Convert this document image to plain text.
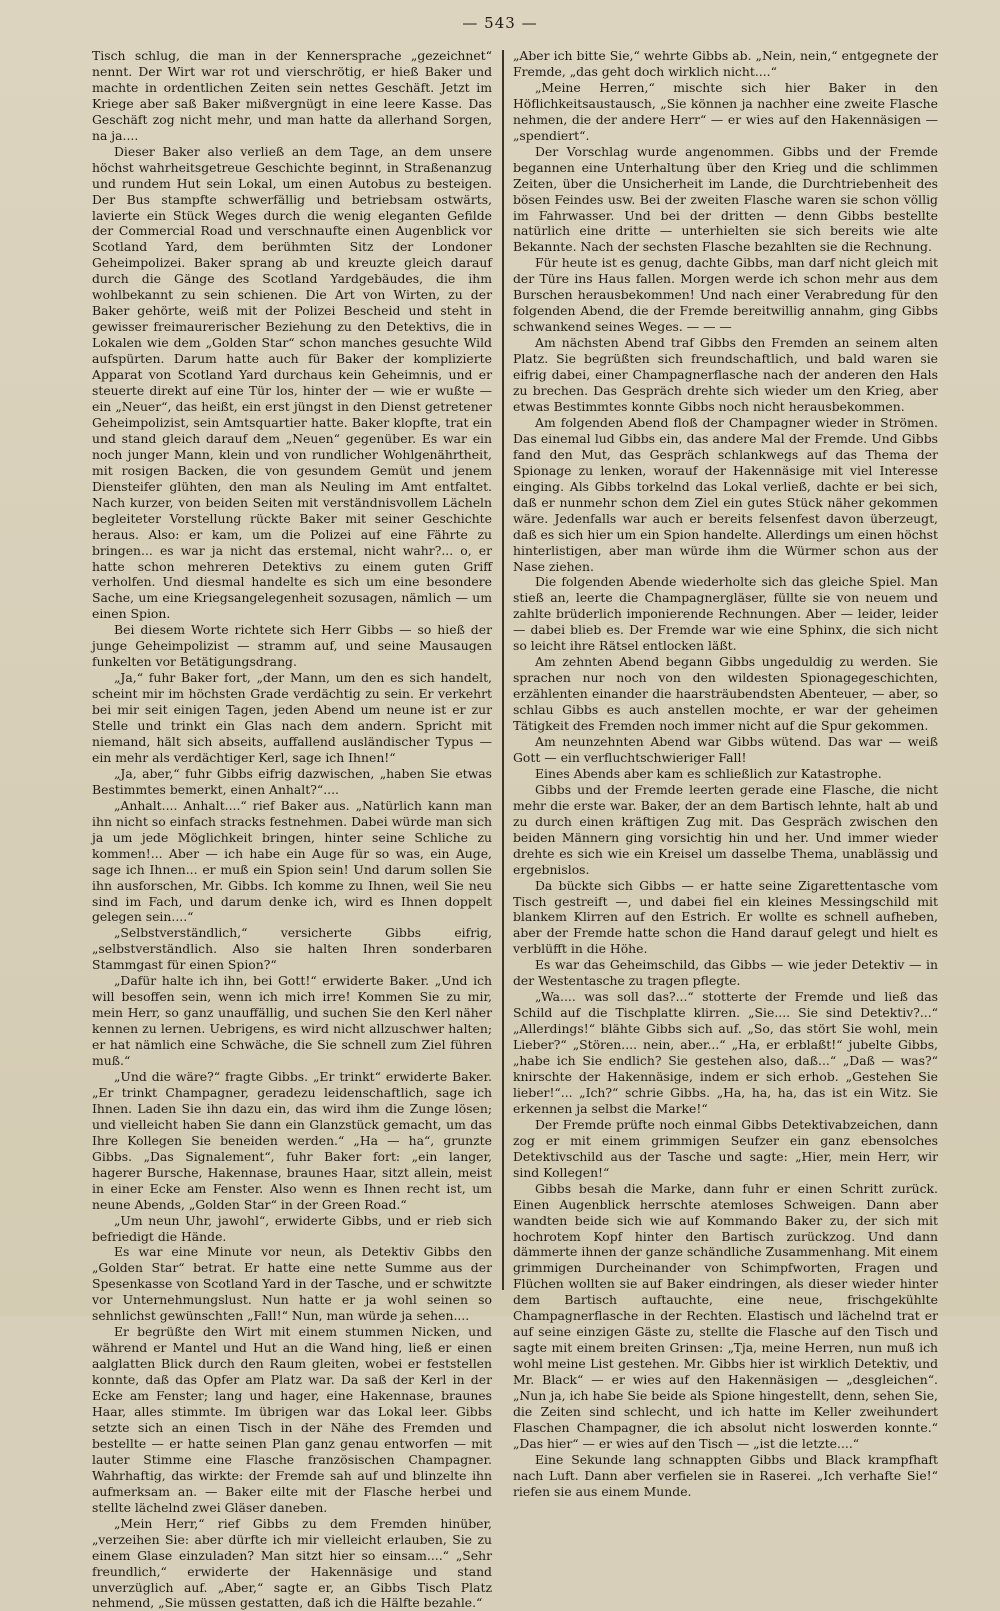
— 543 —

Tisch schlug, die man in der Kennersprache „gezeichnet“ nennt. Der Wirt war rot und vierschrötig, er hieß Baker und machte in ordentlichen Zeiten sein nettes Geschäft. Jetzt im Kriege aber saß Baker mißvergnügt in eine leere Kasse. Das Geschäft zog nicht mehr, und man hatte da allerhand Sorgen, na ja....

Dieser Baker also verließ an dem Tage, an dem unsere höchst wahrheitsgetreue Geschichte beginnt, in Straßenanzug und rundem Hut sein Lokal, um einen Autobus zu besteigen. Der Bus stampfte schwerfällig und betriebsam ostwärts, lavierte ein Stück Weges durch die wenig eleganten Gefilde der Commercial Road und verschnaufte einen Augenblick vor Scotland Yard, dem berühmten Sitz der Londoner Geheimpolizei. Baker sprang ab und kreuzte gleich darauf durch die Gänge des Scotland Yardgebäudes, die ihm wohlbekannt zu sein schienen. Die Art von Wirten, zu der Baker gehörte, weiß mit der Polizei Bescheid und steht in gewisser freimaurerischer Beziehung zu den Detektivs, die in Lokalen wie dem „Golden Star“ schon manches gesuchte Wild aufspürten. Darum hatte auch für Baker der komplizierte Apparat von Scotland Yard durchaus kein Geheimnis, und er steuerte direkt auf eine Tür los, hinter der — wie er wußte — ein „Neuer“, das heißt, ein erst jüngst in den Dienst getretener Geheimpolizist, sein Amtsquartier hatte. Baker klopfte, trat ein und stand gleich darauf dem „Neuen“ gegenüber. Es war ein noch junger Mann, klein und von rundlicher Wohlgenährtheit, mit rosigen Backen, die von gesundem Gemüt und jenem Diensteifer glühten, den man als Neuling im Amt entfaltet. Nach kurzer, von beiden Seiten mit verständnisvollem Lächeln begleiteter Vorstellung rückte Baker mit seiner Geschichte heraus. Also: er kam, um die Polizei auf eine Fährte zu bringen... es war ja nicht das erstemal, nicht wahr?... o, er hatte schon mehreren Detektivs zu einem guten Griff verholfen. Und diesmal handelte es sich um eine besondere Sache, um eine Kriegsangelegenheit sozusagen, nämlich — um einen Spion.

Bei diesem Worte richtete sich Herr Gibbs — so hieß der junge Geheimpolizist — stramm auf, und seine Mausaugen funkelten vor Betätigungsdrang.

„Ja,“ fuhr Baker fort, „der Mann, um den es sich handelt, scheint mir im höchsten Grade verdächtig zu sein. Er verkehrt bei mir seit einigen Tagen, jeden Abend um neune ist er zur Stelle und trinkt ein Glas nach dem andern. Spricht mit niemand, hält sich abseits, auffallend ausländischer Typus — ein mehr als verdächtiger Kerl, sage ich Ihnen!“

„Ja, aber,“ fuhr Gibbs eifrig dazwischen, „haben Sie etwas Bestimmtes bemerkt, einen Anhalt?“....

„Anhalt.... Anhalt....“ rief Baker aus. „Natürlich kann man ihn nicht so einfach stracks festnehmen. Dabei würde man sich ja um jede Möglichkeit bringen, hinter seine Schliche zu kommen!... Aber — ich habe ein Auge für so was, ein Auge, sage ich Ihnen... er muß ein Spion sein! Und darum sollen Sie ihn ausforschen, Mr. Gibbs. Ich komme zu Ihnen, weil Sie neu sind im Fach, und darum denke ich, wird es Ihnen doppelt gelegen sein....“

„Selbstverständlich,“ versicherte Gibbs eifrig, „selbstverständlich. Also sie halten Ihren sonderbaren Stammgast für einen Spion?“

„Dafür halte ich ihn, bei Gott!“ erwiderte Baker. „Und ich will besoffen sein, wenn ich mich irre! Kommen Sie zu mir, mein Herr, so ganz unauffällig, und suchen Sie den Kerl näher kennen zu lernen. Uebrigens, es wird nicht allzuschwer halten; er hat nämlich eine Schwäche, die Sie schnell zum Ziel führen muß.“

„Und die wäre?“ fragte Gibbs. „Er trinkt“ erwiderte Baker. „Er trinkt Champagner, geradezu leidenschaftlich, sage ich Ihnen. Laden Sie ihn dazu ein, das wird ihm die Zunge lösen; und vielleicht haben Sie dann ein Glanzstück gemacht, um das Ihre Kollegen Sie beneiden werden.“ „Ha — ha“, grunzte Gibbs. „Das Signalement“, fuhr Baker fort: „ein langer, hagerer Bursche, Hakennase, braunes Haar, sitzt allein, meist in einer Ecke am Fenster. Also wenn es Ihnen recht ist, um neune Abends, „Golden Star“ in der Green Road.“

„Um neun Uhr, jawohl“, erwiderte Gibbs, und er rieb sich befriedigt die Hände.

Es war eine Minute vor neun, als Detektiv Gibbs den „Golden Star“ betrat. Er hatte eine nette Summe aus der Spesenkasse von Scotland Yard in der Tasche, und er schwitzte vor Unternehmungslust. Nun hatte er ja wohl seinen so sehnlichst gewünschten „Fall!“ Nun, man würde ja sehen....

Er begrüßte den Wirt mit einem stummen Nicken, und während er Mantel und Hut an die Wand hing, ließ er einen aalglatten Blick durch den Raum gleiten, wobei er feststellen konnte, daß das Opfer am Platz war. Da saß der Kerl in der Ecke am Fenster; lang und hager, eine Hakennase, braunes Haar, alles stimmte. Im übrigen war das Lokal leer. Gibbs setzte sich an einen Tisch in der Nähe des Fremden und bestellte — er hatte seinen Plan ganz genau entworfen — mit lauter Stimme eine Flasche französischen Champagner. Wahrhaftig, das wirkte: der Fremde sah auf und blinzelte ihn aufmerksam an. — Baker eilte mit der Flasche herbei und stellte lächelnd zwei Gläser daneben.

„Mein Herr,“ rief Gibbs zu dem Fremden hinüber, „verzeihen Sie: aber dürfte ich mir vielleicht erlauben, Sie zu einem Glase einzuladen? Man sitzt hier so einsam....“ „Sehr freundlich,“ erwiderte der Hakennäsige und stand unverzüglich auf. „Aber,“ sagte er, an Gibbs Tisch Platz nehmend, „Sie müssen gestatten, daß ich die Hälfte bezahle.“

„Aber ich bitte Sie,“ wehrte Gibbs ab. „Nein, nein,“ entgegnete der Fremde, „das geht doch wirklich nicht....“

„Meine Herren,“ mischte sich hier Baker in den Höflichkeitsaustausch, „Sie können ja nachher eine zweite Flasche nehmen, die der andere Herr“ — er wies auf den Hakennäsigen — „spendiert“.

Der Vorschlag wurde angenommen. Gibbs und der Fremde begannen eine Unterhaltung über den Krieg und die schlimmen Zeiten, über die Unsicherheit im Lande, die Durchtriebenheit des bösen Feindes usw. Bei der zweiten Flasche waren sie schon völlig im Fahrwasser. Und bei der dritten — denn Gibbs bestellte natürlich eine dritte — unterhielten sie sich bereits wie alte Bekannte. Nach der sechsten Flasche bezahlten sie die Rechnung.

Für heute ist es genug, dachte Gibbs, man darf nicht gleich mit der Türe ins Haus fallen. Morgen werde ich schon mehr aus dem Burschen herausbekommen! Und nach einer Verabredung für den folgenden Abend, die der Fremde bereitwillig annahm, ging Gibbs schwankend seines Weges. — — —

Am nächsten Abend traf Gibbs den Fremden an seinem alten Platz. Sie begrüßten sich freundschaftlich, und bald waren sie eifrig dabei, einer Champagnerflasche nach der anderen den Hals zu brechen. Das Gespräch drehte sich wieder um den Krieg, aber etwas Bestimmtes konnte Gibbs noch nicht herausbekommen.

Am folgenden Abend floß der Champagner wieder in Strömen. Das einemal lud Gibbs ein, das andere Mal der Fremde. Und Gibbs fand den Mut, das Gespräch schlankwegs auf das Thema der Spionage zu lenken, worauf der Hakennäsige mit viel Interesse einging. Als Gibbs torkelnd das Lokal verließ, dachte er bei sich, daß er nunmehr schon dem Ziel ein gutes Stück näher gekommen wäre. Jedenfalls war auch er bereits felsenfest davon überzeugt, daß es sich hier um ein Spion handelte. Allerdings um einen höchst hinterlistigen, aber man würde ihm die Würmer schon aus der Nase ziehen.

Die folgenden Abende wiederholte sich das gleiche Spiel. Man stieß an, leerte die Champagnergläser, füllte sie von neuem und zahlte brüderlich imponierende Rechnungen. Aber — leider, leider — dabei blieb es. Der Fremde war wie eine Sphinx, die sich nicht so leicht ihre Rätsel entlocken läßt.

Am zehnten Abend begann Gibbs ungeduldig zu werden. Sie sprachen nur noch von den wildesten Spionagegeschichten, erzählenten einander die haarsträubendsten Abenteuer, — aber, so schlau Gibbs es auch anstellen mochte, er war der geheimen Tätigkeit des Fremden noch immer nicht auf die Spur gekommen.

Am neunzehnten Abend war Gibbs wütend. Das war — weiß Gott — ein verfluchtschwieriger Fall!

Eines Abends aber kam es schließlich zur Katastrophe.

Gibbs und der Fremde leerten gerade eine Flasche, die nicht mehr die erste war. Baker, der an dem Bartisch lehnte, halt ab und zu durch einen kräftigen Zug mit. Das Gespräch zwischen den beiden Männern ging vorsichtig hin und her. Und immer wieder drehte es sich wie ein Kreisel um dasselbe Thema, unablässig und ergebnislos.

Da bückte sich Gibbs — er hatte seine Zigarettentasche vom Tisch gestreift —, und dabei fiel ein kleines Messingschild mit blankem Klirren auf den Estrich. Er wollte es schnell aufheben, aber der Fremde hatte schon die Hand darauf gelegt und hielt es verblüfft in die Höhe.

Es war das Geheimschild, das Gibbs — wie jeder Detektiv — in der Westentasche zu tragen pflegte.

„Wa.... was soll das?...“ stotterte der Fremde und ließ das Schild auf die Tischplatte klirren. „Sie.... Sie sind Detektiv?...“ „Allerdings!“ blähte Gibbs sich auf. „So, das stört Sie wohl, mein Lieber?“ „Stören.... nein, aber...“ „Ha, er erblaßt!“ jubelte Gibbs, „habe ich Sie endlich? Sie gestehen also, daß...“ „Daß — was?“ knirschte der Hakennäsige, indem er sich erhob. „Gestehen Sie lieber!“... „Ich?“ schrie Gibbs. „Ha, ha, ha, das ist ein Witz. Sie erkennen ja selbst die Marke!“

Der Fremde prüfte noch einmal Gibbs Detektivabzeichen, dann zog er mit einem grimmigen Seufzer ein ganz ebensolches Detektivschild aus der Tasche und sagte: „Hier, mein Herr, wir sind Kollegen!“

Gibbs besah die Marke, dann fuhr er einen Schritt zurück. Einen Augenblick herrschte atemloses Schweigen. Dann aber wandten beide sich wie auf Kommando Baker zu, der sich mit hochrotem Kopf hinter den Bartisch zurückzog. Und dann dämmerte ihnen der ganze schändliche Zusammenhang. Mit einem grimmigen Durcheinander von Schimpfworten, Fragen und Flüchen wollten sie auf Baker eindringen, als dieser wieder hinter dem Bartisch auftauchte, eine neue, frischgekühlte Champagnerflasche in der Rechten. Elastisch und lächelnd trat er auf seine einzigen Gäste zu, stellte die Flasche auf den Tisch und sagte mit einem breiten Grinsen: „Tja, meine Herren, nun muß ich wohl meine List gestehen. Mr. Gibbs hier ist wirklich Detektiv, und Mr. Black“ — er wies auf den Hakennäsigen — „desgleichen“. „Nun ja, ich habe Sie beide als Spione hingestellt, denn, sehen Sie, die Zeiten sind schlecht, und ich hatte im Keller zweihundert Flaschen Champagner, die ich absolut nicht loswerden konnte.“ „Das hier“ — er wies auf den Tisch — „ist die letzte....“

Eine Sekunde lang schnappten Gibbs und Black krampfhaft nach Luft. Dann aber verfielen sie in Raserei. „Ich verhafte Sie!“ riefen sie aus einem Munde.
